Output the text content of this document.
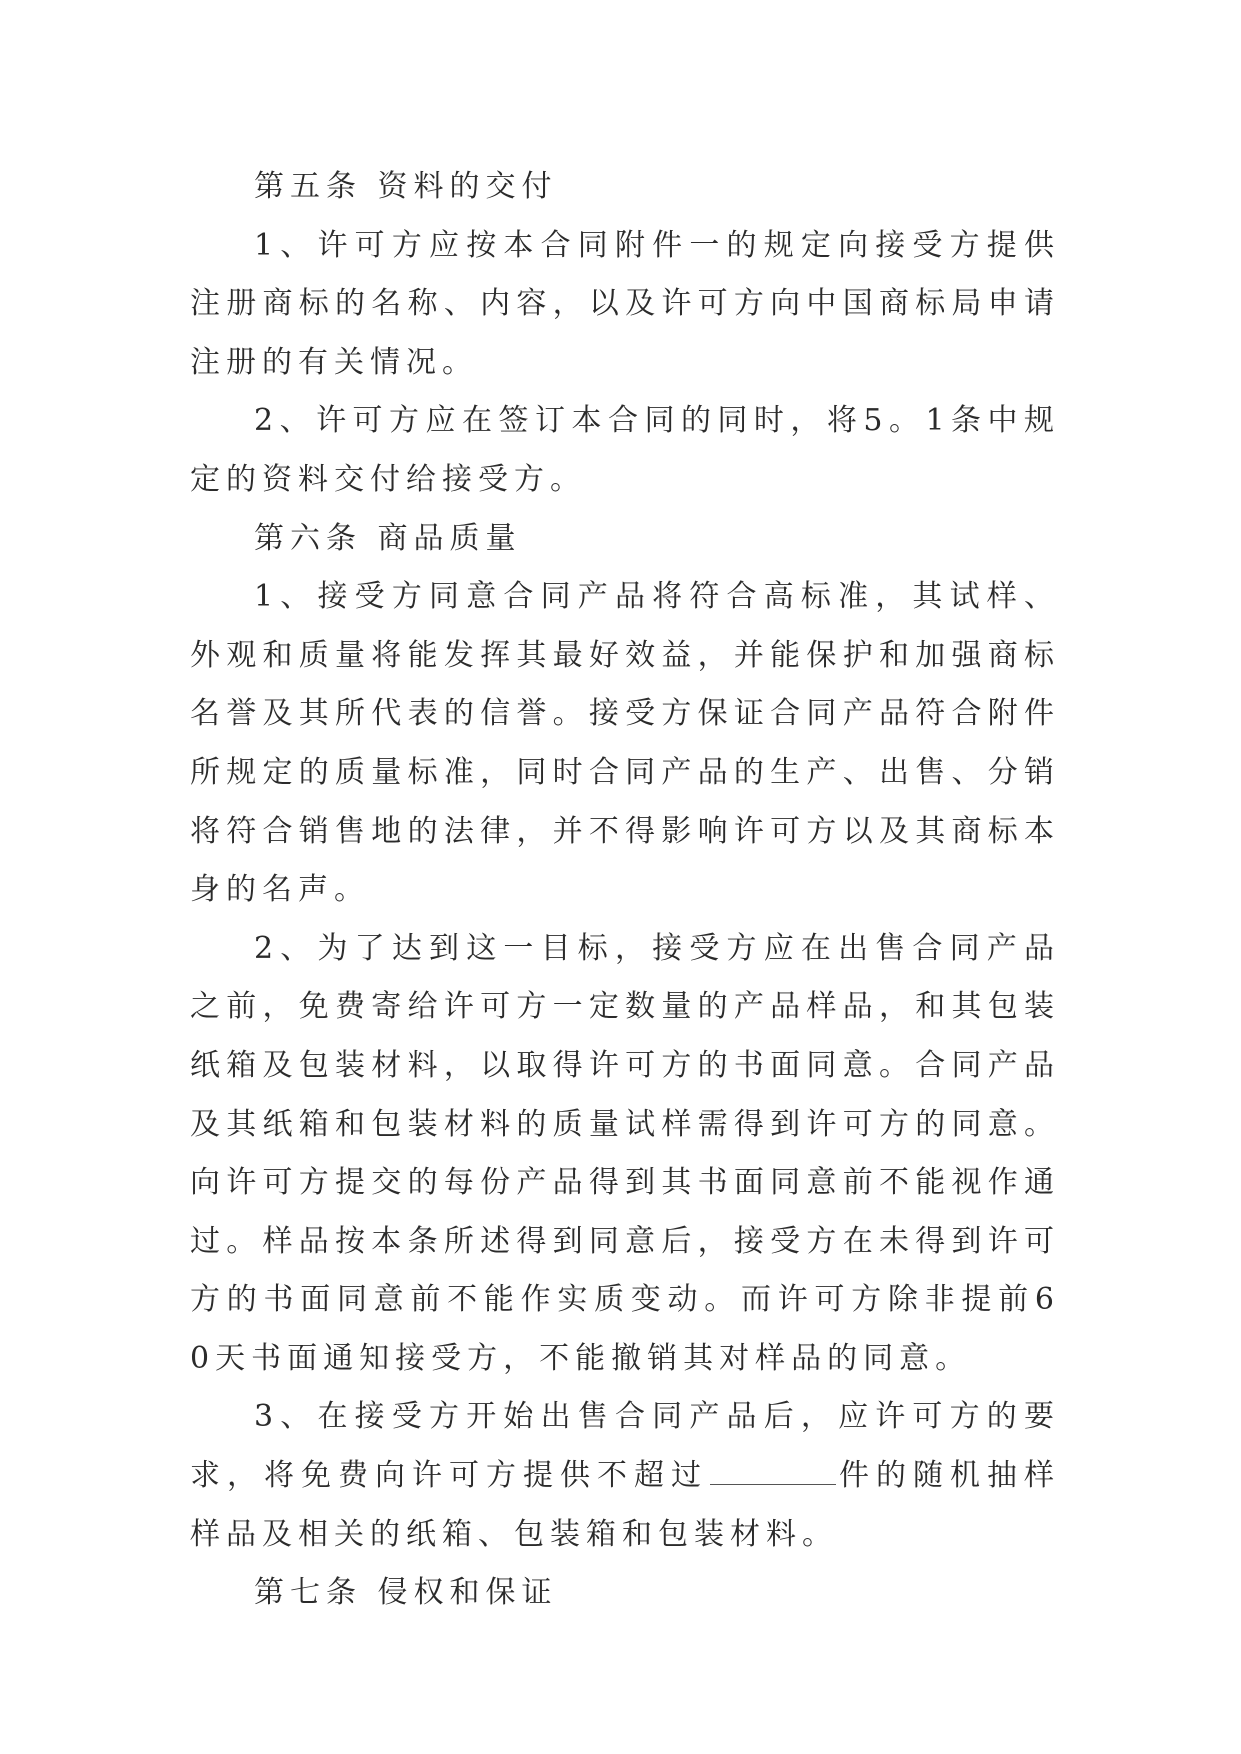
第五条 资料的交付

1、许可方应按本合同附件一的规定向接受方提供注册商标的名称、内容，以及许可方向中国商标局申请注册的有关情况。

2、许可方应在签订本合同的同时，将5。1条中规定的资料交付给接受方。

第六条 商品质量

1、接受方同意合同产品将符合高标准，其试样、外观和质量将能发挥其最好效益，并能保护和加强商标名誉及其所代表的信誉。接受方保证合同产品符合附件所规定的质量标准，同时合同产品的生产、出售、分销将符合销售地的法律，并不得影响许可方以及其商标本身的名声。

2、为了达到这一目标，接受方应在出售合同产品之前，免费寄给许可方一定数量的产品样品，和其包装纸箱及包装材料，以取得许可方的书面同意。合同产品及其纸箱和包装材料的质量试样需得到许可方的同意。向许可方提交的每份产品得到其书面同意前不能视作通过。样品按本条所述得到同意后，接受方在未得到许可方的书面同意前不能作实质变动。而许可方除非提前60天书面通知接受方，不能撤销其对样品的同意。

3、在接受方开始出售合同产品后，应许可方的要求，将免费向许可方提供不超过	件的随机抽样样品及相关的纸箱、包装箱和包装材料。

第七条 侵权和保证
